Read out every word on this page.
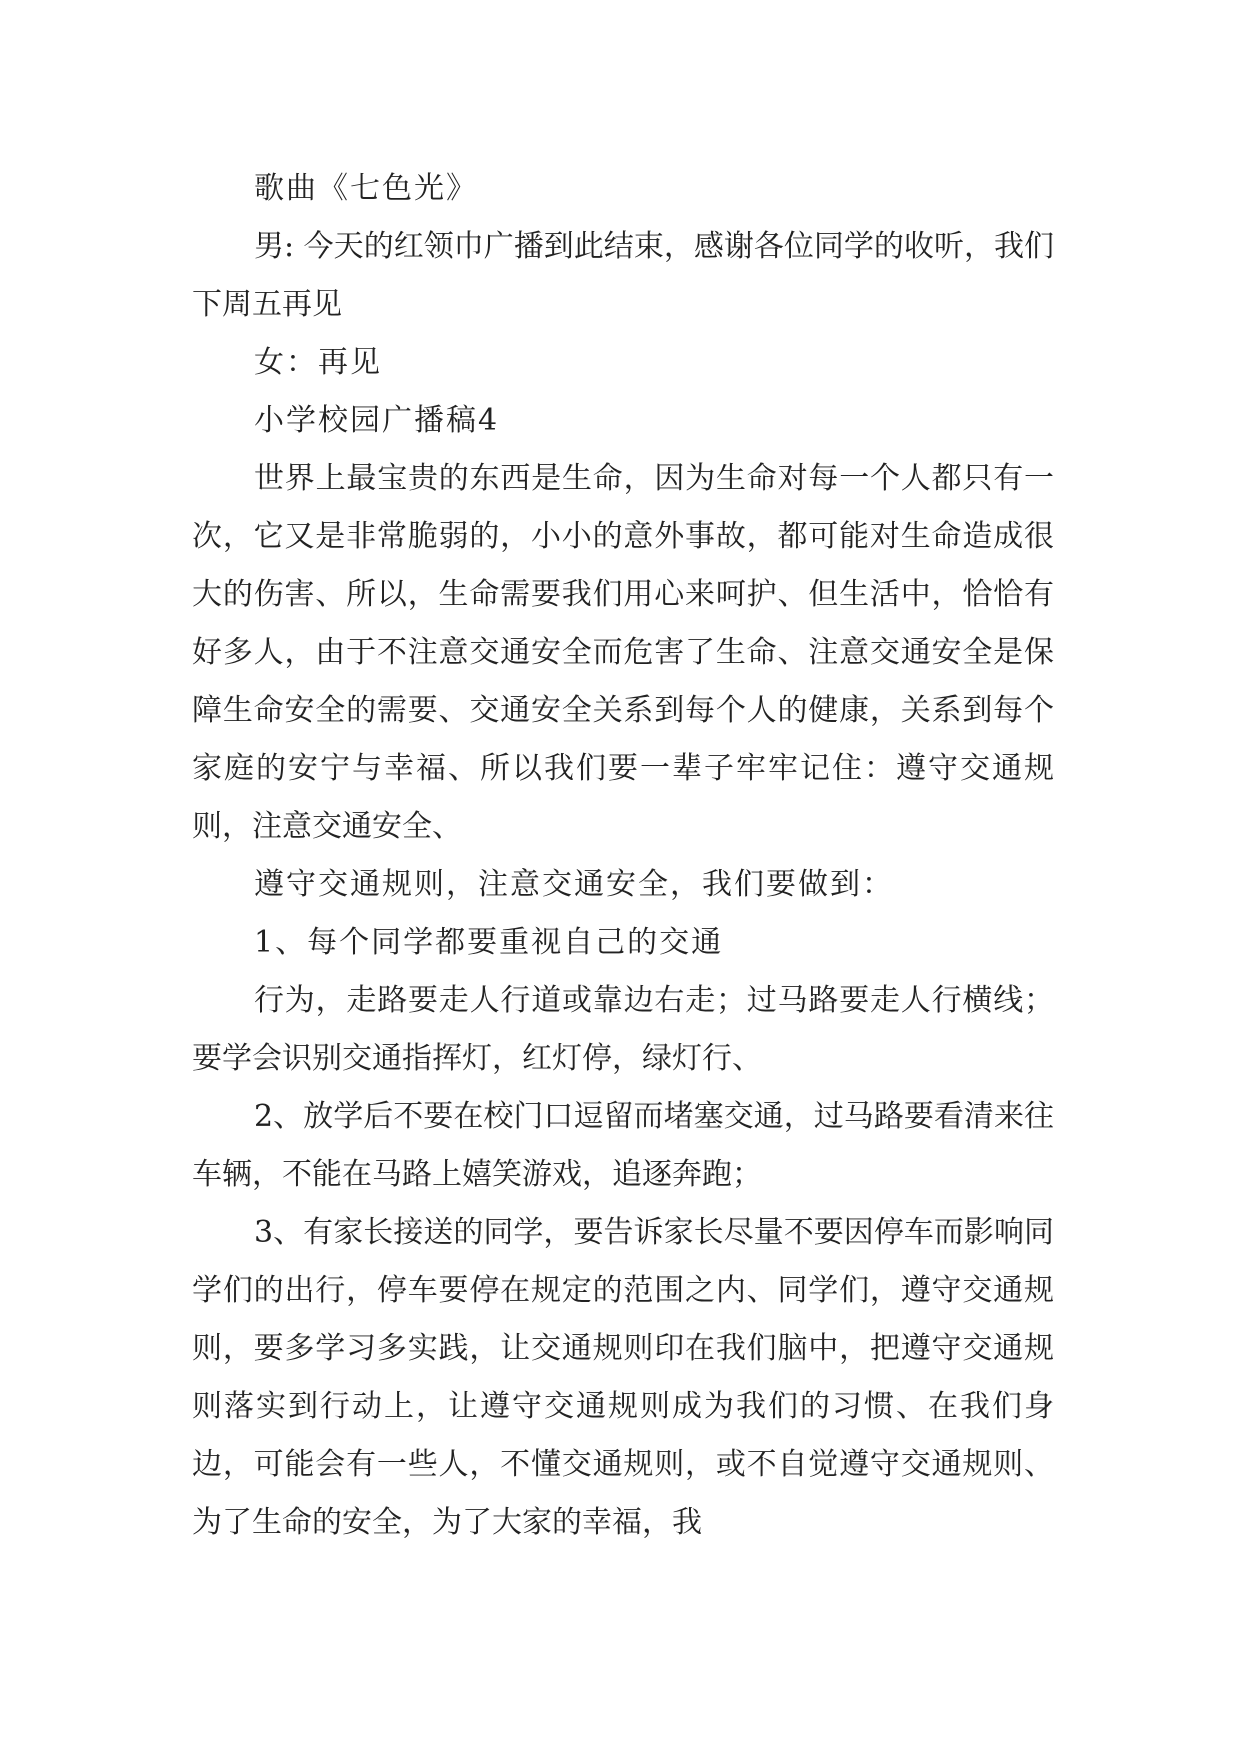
歌曲《七色光》

男: 今天的红领巾广播到此结束，感谢各位同学的收听，我们下周五再见

女：再见

小学校园广播稿4

世界上最宝贵的东西是生命，因为生命对每一个人都只有一次，它又是非常脆弱的，小小的意外事故，都可能对生命造成很大的伤害、所以，生命需要我们用心来呵护、但生活中，恰恰有好多人，由于不注意交通安全而危害了生命、注意交通安全是保障生命安全的需要、交通安全关系到每个人的健康，关系到每个家庭的安宁与幸福、所以我们要一辈子牢牢记住：遵守交通规则，注意交通安全、

遵守交通规则，注意交通安全，我们要做到：

1、每个同学都要重视自己的交通

行为，走路要走人行道或靠边右走；过马路要走人行横线；要学会识别交通指挥灯，红灯停，绿灯行、

2、放学后不要在校门口逗留而堵塞交通，过马路要看清来往车辆，不能在马路上嬉笑游戏，追逐奔跑；

3、有家长接送的同学，要告诉家长尽量不要因停车而影响同学们的出行，停车要停在规定的范围之内、同学们，遵守交通规则，要多学习多实践，让交通规则印在我们脑中，把遵守交通规则落实到行动上，让遵守交通规则成为我们的习惯、在我们身边，可能会有一些人，不懂交通规则，或不自觉遵守交通规则、为了生命的安全，为了大家的幸福，我
